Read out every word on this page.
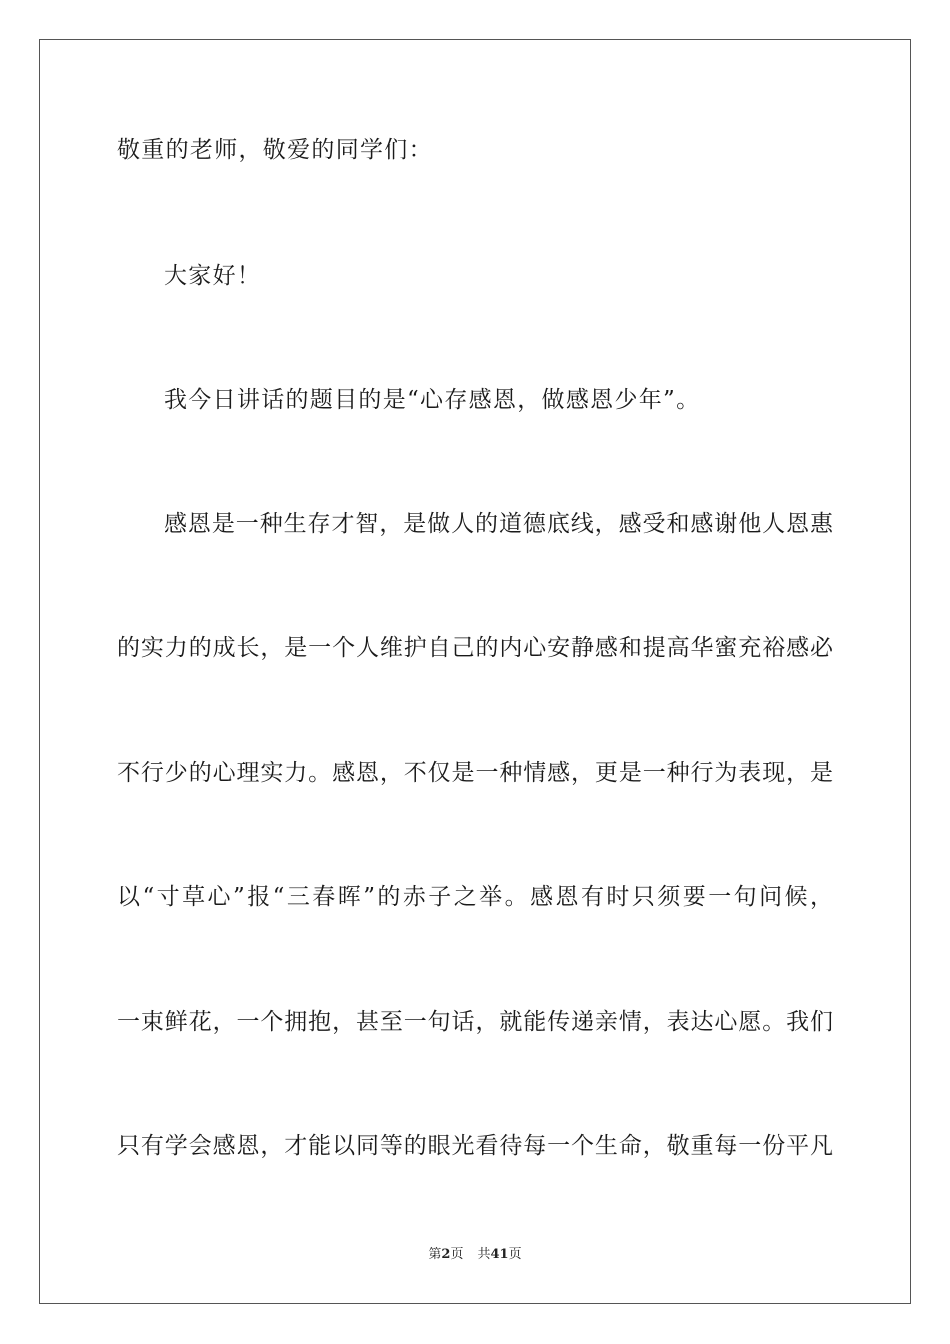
敬重的老师，敬爱的同学们：
大家好！
我今日讲话的题目的是“心存感恩，做感恩少年”。
感恩是一种生存才智，是做人的道德底线，感受和感谢他人恩惠
的实力的成长，是一个人维护自己的内心安静感和提高华蜜充裕感必
不行少的心理实力。感恩，不仅是一种情感，更是一种行为表现，是
以“寸草心”报“三春晖”的赤子之举。感恩有时只须要一句问候，
一束鲜花，一个拥抱，甚至一句话，就能传递亲情，表达心愿。我们
只有学会感恩，才能以同等的眼光看待每一个生命，敬重每一份平凡
第2页 共41页
